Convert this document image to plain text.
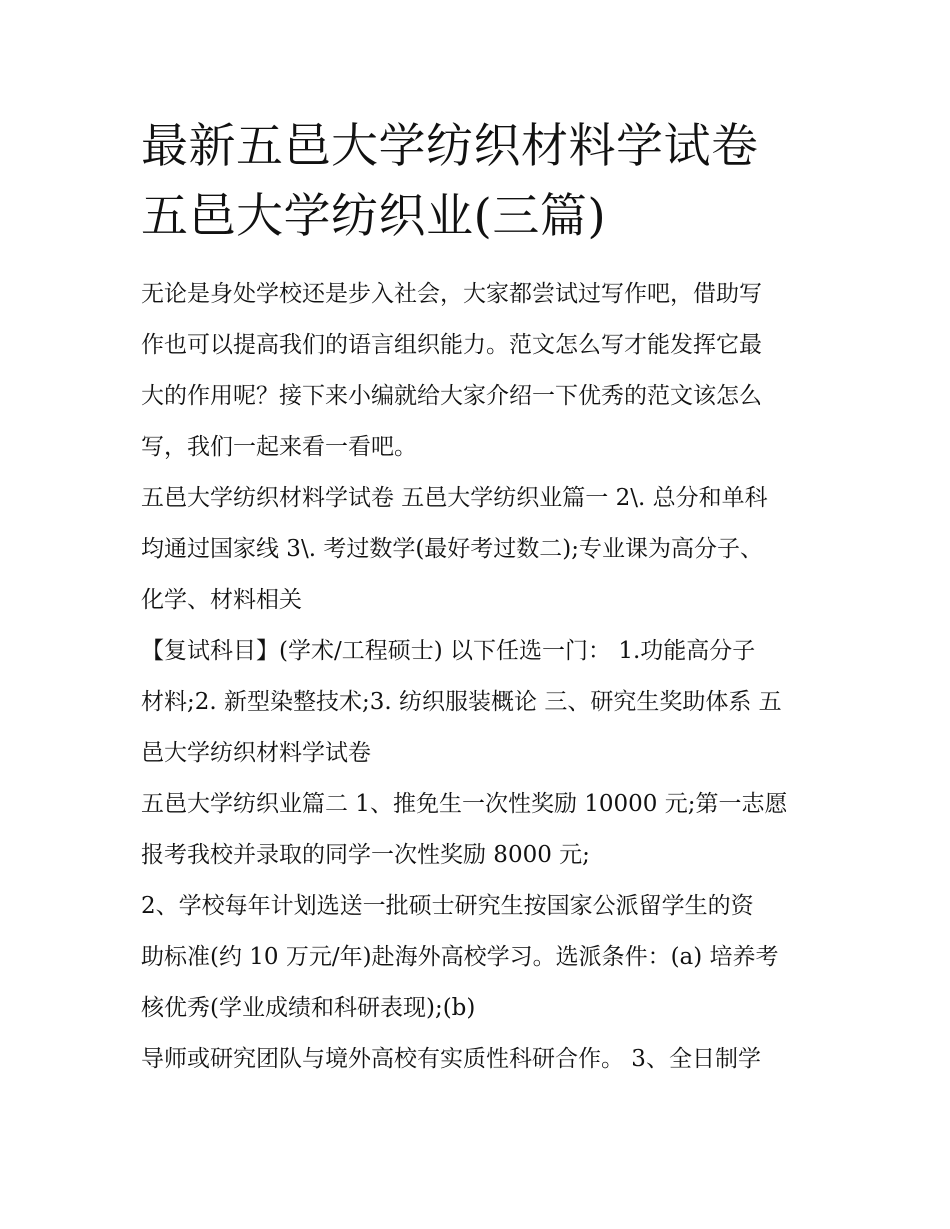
最新五邑大学纺织材料学试卷
五邑大学纺织业(三篇)
无论是身处学校还是步入社会，大家都尝试过写作吧，借助写
作也可以提高我们的语言组织能力。范文怎么写才能发挥它最
大的作用呢？接下来小编就给大家介绍一下优秀的范文该怎么
写，我们一起来看一看吧。
五邑大学纺织材料学试卷 五邑大学纺织业篇一 2\. 总分和单科
均通过国家线 3\. 考过数学(最好考过数二);专业课为高分子、
化学、材料相关
【复试科目】(学术/工程硕士) 以下任选一门： 1.功能高分子
材料;2. 新型染整技术;3. 纺织服装概论 三、研究生奖助体系 五
邑大学纺织材料学试卷
五邑大学纺织业篇二 1、推免生一次性奖励 10000 元;第一志愿
报考我校并录取的同学一次性奖励 8000 元;
2、学校每年计划选送一批硕士研究生按国家公派留学生的资
助标准(约 10 万元/年)赴海外高校学习。选派条件：(a) 培养考
核优秀(学业成绩和科研表现);(b)
导师或研究团队与境外高校有实质性科研合作。 3、全日制学
